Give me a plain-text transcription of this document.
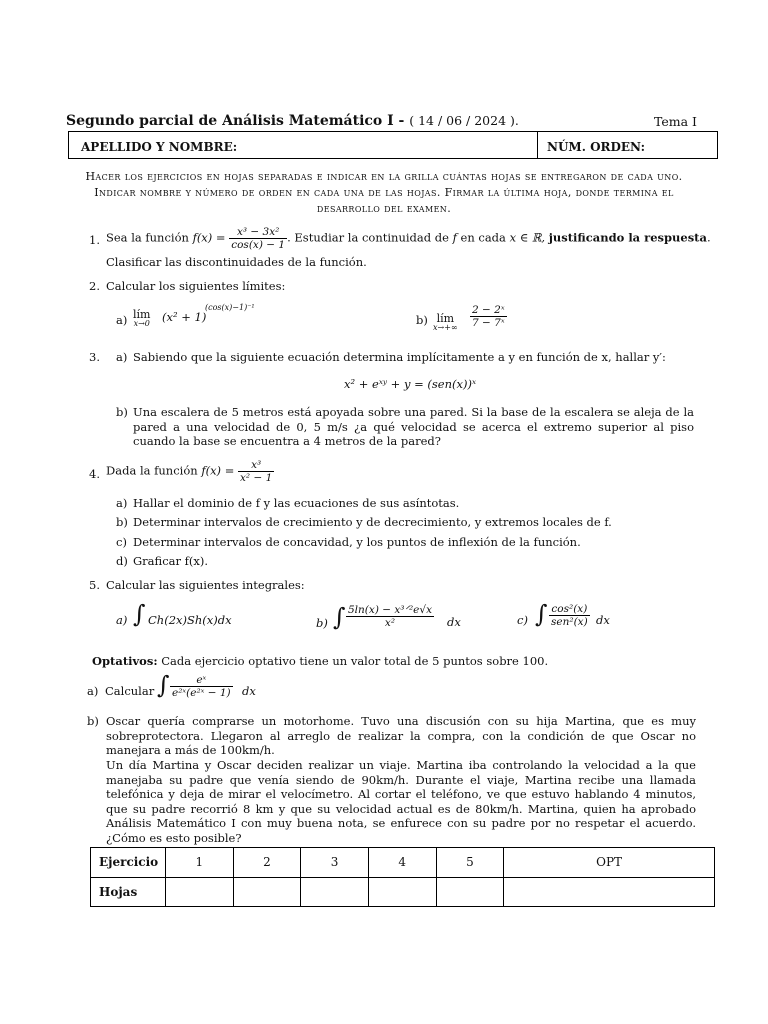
Segundo parcial de Análisis Matemático I - ( 14 / 06 / 2024 ).	Tema I
APELLIDO Y NOMBRE:	NÚM. ORDEN:
Hacer los ejercicios en hojas separadas e indicar en la grilla cuántas hojas se entregaron de cada uno. Indicar nombre y número de orden en cada una de las hojas. Firmar la última hoja, donde termina el desarrollo del examen.
1. Sea la función $f(x) = \frac{\text{x³ − 3x²}}{\cos(x) - 1}$ . Estudiar la continuidad de f en cada x ∈ ℝ, justificando la respuesta.
Clasificar las discontinuidades de la función.
2. Calcular los siguientes límites:
a) lím
x→0 (x² + 1)
(cos(x)−1)⁻¹
b) lím
$x\to+\infty \frac{\text{2 − 2ˣ}}{\text{7 − 7ˣ}}$
3. a) Sabiendo que la siguiente ecuación determina implícitamente a y en función de x, hallar y′:
x² + eˣʸ + y = (sen(x))ˣ
b) Una escalera de 5 metros está apoyada sobre una pared. Si la base de la escalera se aleja de la pared a una velocidad de 0, 5 m/s ¿a qué velocidad se acerca el extremo superior al piso cuando la base se encuentra a 4 metros de la pared?
4. Dada la función $f(x) = \frac{\text{x³}}{\text{x² − 1}}$
a) Hallar el dominio de f y las ecuaciones de sus asíntotas.
b) Determinar intervalos de crecimiento y de decrecimiento, y extremos locales de f.
c) Determinar intervalos de concavidad, y los puntos de inflexión de la función.
d) Graficar f(x).
5. Calcular las siguientes integrales:
a) ∫ Ch(2x)Sh(x)dx	b) ∫ $\frac{\text{5ln(x) − x³ᐟ²e√x}}{\text{x²}}$ dx	c) ∫ $\frac{\text{cos²(x)}}{\text{sen²(x)}}$ dx
Optativos: Cada ejercicio optativo tiene un valor total de 5 puntos sobre 100.
a) Calcular ∫ $\frac{\text{eˣ}}{\text{e²ˣ(e²ˣ − 1)}}$ dx
b) Oscar quería comprarse un motorhome. Tuvo una discusión con su hija Martina, que es muy sobreprotectora. Llegaron al arreglo de realizar la compra, con la condición de que Oscar no manejara a más de 100km/h.
Un día Martina y Oscar deciden realizar un viaje. Martina iba controlando la velocidad a la que manejaba su padre que venía siendo de 90km/h. Durante el viaje, Martina recibe una llamada telefónica y deja de mirar el velocímetro. Al cortar el teléfono, ve que estuvo hablando 4 minutos, que su padre recorrió 8 km y que su velocidad actual es de 80km/h. Martina, quien ha aprobado Análisis Matemático I con muy buena nota, se enfurece con su padre por no respetar el acuerdo. ¿Cómo es esto posible?
Ejercicio	1	2	3	4	5	OPT
Hojas						
